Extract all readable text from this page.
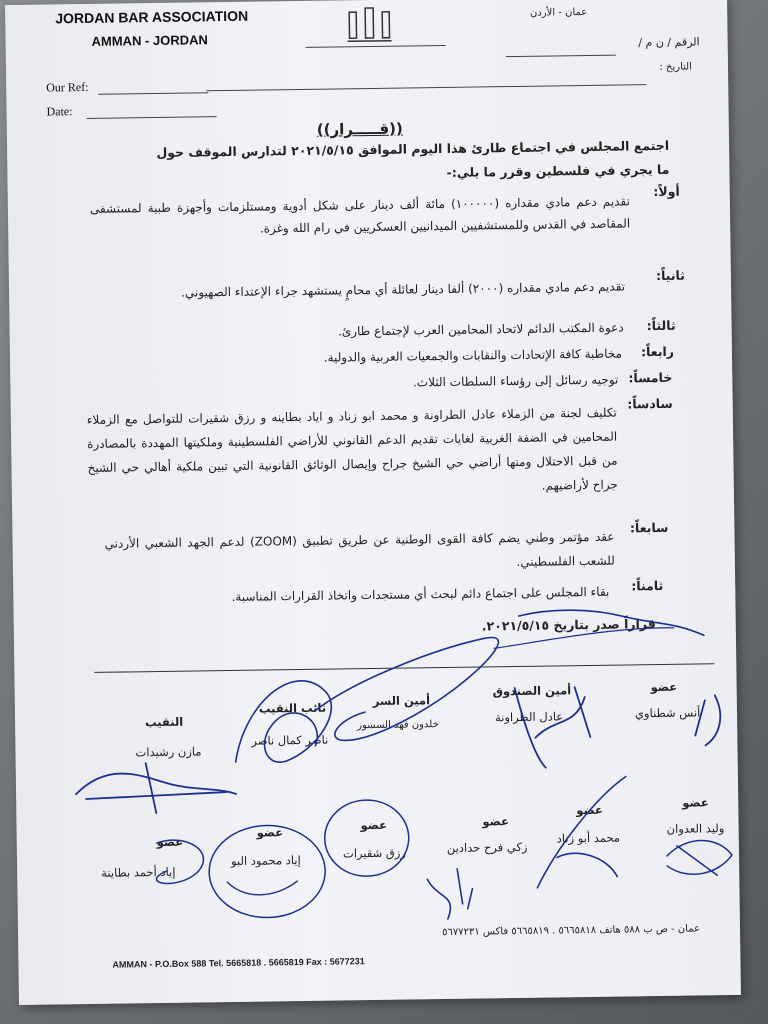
JORDAN BAR ASSOCIATION
AMMAN - JORDAN
عمان - الأردن
الرقم / ن م /
التاريخ :
Our Ref:
Date:
((قـــــرار))
اجتمع المجلس في اجتماع طارئ هذا اليوم الموافق ٢٠٢١/٥/١٥ لتدارس الموقف حول ما يجري في فلسطين وقرر ما يلي:-
أولاً:
تقديم دعم مادي مقداره (١٠٠٠٠٠) مائة ألف دينار على شكل أدوية ومستلزمات وأجهزة طبية لمستشفى المقاصد في القدس وللمستشفيين الميدانيين العسكريين في رام الله وغزة.
ثانياً:
تقديم دعم مادي مقداره (٢٠٠٠) ألفا دينار لعائلة أي محامٍ يستشهد جراء الإعتداء الصهيوني.
ثالثاً:
دعوة المكتب الدائم لاتحاد المحامين العرب لإجتماع طارئ.
رابعاً:
مخاطبة كافة الإتحادات والنقابات والجمعيات العربية والدولية.
خامساً:
توجيه رسائل إلى رؤساء السلطات الثلاث.
سادساً:
تكليف لجنة من الزملاء عادل الطراونة و محمد ابو زناد و اياد بطاينه و رزق شقيرات للتواصل مع الزملاء المحامين في الضفة الغربية لغايات تقديم الدعم القانوني للأراضي الفلسطينية وملكيتها المهددة بالمصادرة من قبل الاحتلال ومنها أراضي حي الشيخ جراح وإيصال الوثائق القانونية التي تبين ملكية أهالي حي الشيخ جراح لأراضيهم.
سابعاً:
عقد مؤتمر وطني يضم كافة القوى الوطنية عن طريق تطبيق (ZOOM) لدعم الجهد الشعبي الأردني للشعب الفلسطيني.
ثامناً:
بقاء المجلس على اجتماع دائم لبحث أي مستجدات واتخاذ القرارات المناسبة.
قراراً صدر بتاريخ ٢٠٢١/٥/١٥.
النقيب
مازن رشيدات
نائب النقيب
ناصر كمال ناصر
أمين السر
خلدون فهد السسور
أمين الصندوق
عادل الطراونة
عضو
أنس شطناوي
عضو
إياد أحمد بطاينة
عضو
إياد محمود البو
عضو
رزق شقيرات
عضو
زكي فرح حدادين
عضو
محمد أبو زناد
عضو
وليد العدوان
عمان - ص ب ٥٨٨ هاتف ٥٦٦٥٨١٨ . ٥٦٦٥٨١٩ فاكس ٥٦٧٧٢٣١
AMMAN - P.O.Box 588 Tel. 5665818 . 5665819 Fax : 5677231
